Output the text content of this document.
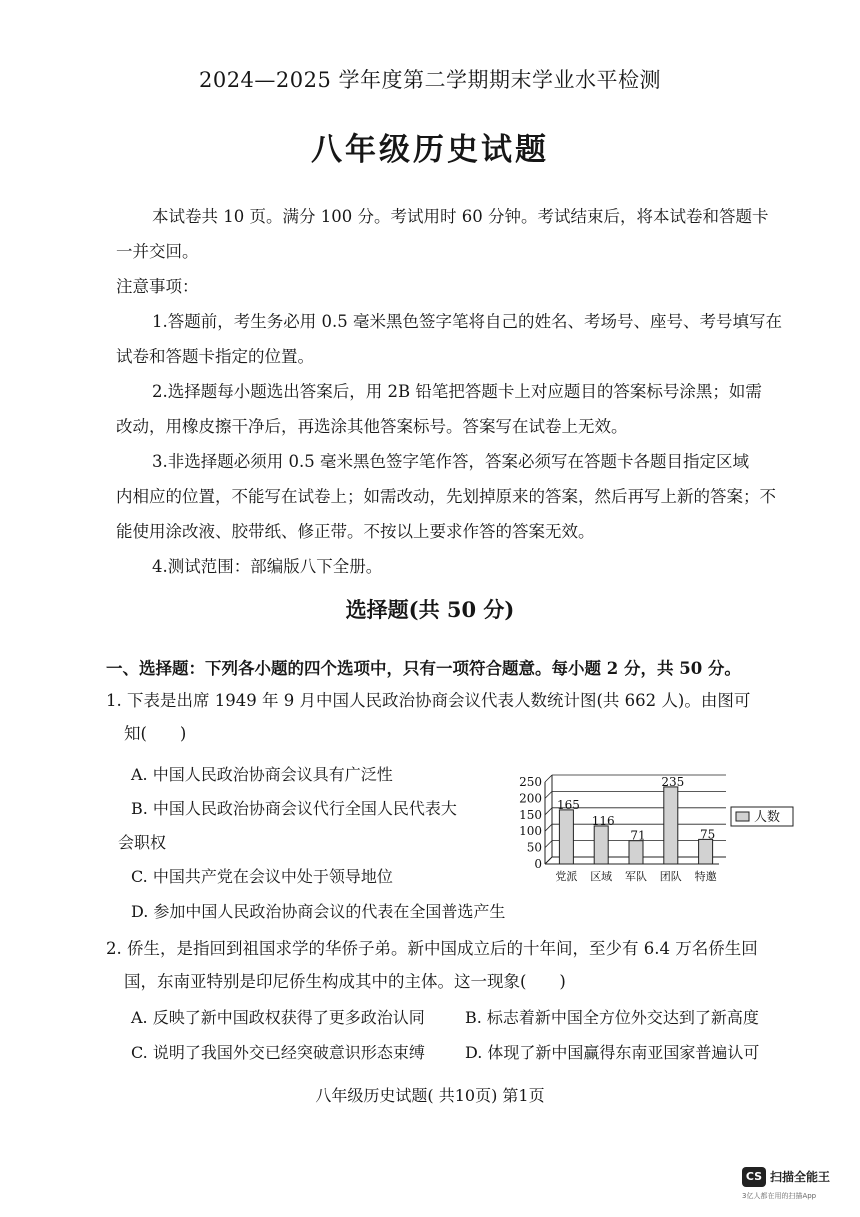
2024—2025 学年度第二学期期末学业水平检测
八年级历史试题
本试卷共 10 页。满分 100 分。考试用时 60 分钟。考试结束后，将本试卷和答题卡
一并交回。
注意事项：
1.答题前，考生务必用 0.5 毫米黑色签字笔将自己的姓名、考场号、座号、考号填写在
试卷和答题卡指定的位置。
2.选择题每小题选出答案后，用 2B 铅笔把答题卡上对应题目的答案标号涂黑；如需
改动，用橡皮擦干净后，再选涂其他答案标号。答案写在试卷上无效。
3.非选择题必须用 0.5 毫米黑色签字笔作答，答案必须写在答题卡各题目指定区域
内相应的位置，不能写在试卷上；如需改动，先划掉原来的答案，然后再写上新的答案；不
能使用涂改液、胶带纸、修正带。不按以上要求作答的答案无效。
4.测试范围：部编版八下全册。
选择题(共 50 分)
一、选择题：下列各小题的四个选项中，只有一项符合题意。每小题 2 分，共 50 分。
1. 下表是出席 1949 年 9 月中国人民政治协商会议代表人数统计图(共 662 人)。由图可
知(　　)
A. 中国人民政治协商会议具有广泛性
B. 中国人民政治协商会议代行全国人民代表大
会职权
C. 中国共产党在会议中处于领导地位
D. 参加中国人民政治协商会议的代表在全国普选产生
250
200
150
100
50
0
165
116
71
235
75
党派 区域 军队 团队 特邀
人数
2. 侨生，是指回到祖国求学的华侨子弟。新中国成立后的十年间，至少有 6.4 万名侨生回
国，东南亚特别是印尼侨生构成其中的主体。这一现象(　　)
A. 反映了新中国政权获得了更多政治认同	B. 标志着新中国全方位外交达到了新高度
C. 说明了我国外交已经突破意识形态束缚	D. 体现了新中国赢得东南亚国家普遍认可
八年级历史试题( 共10页) 第1页
CS 扫描全能王
3亿人都在用的扫描App
